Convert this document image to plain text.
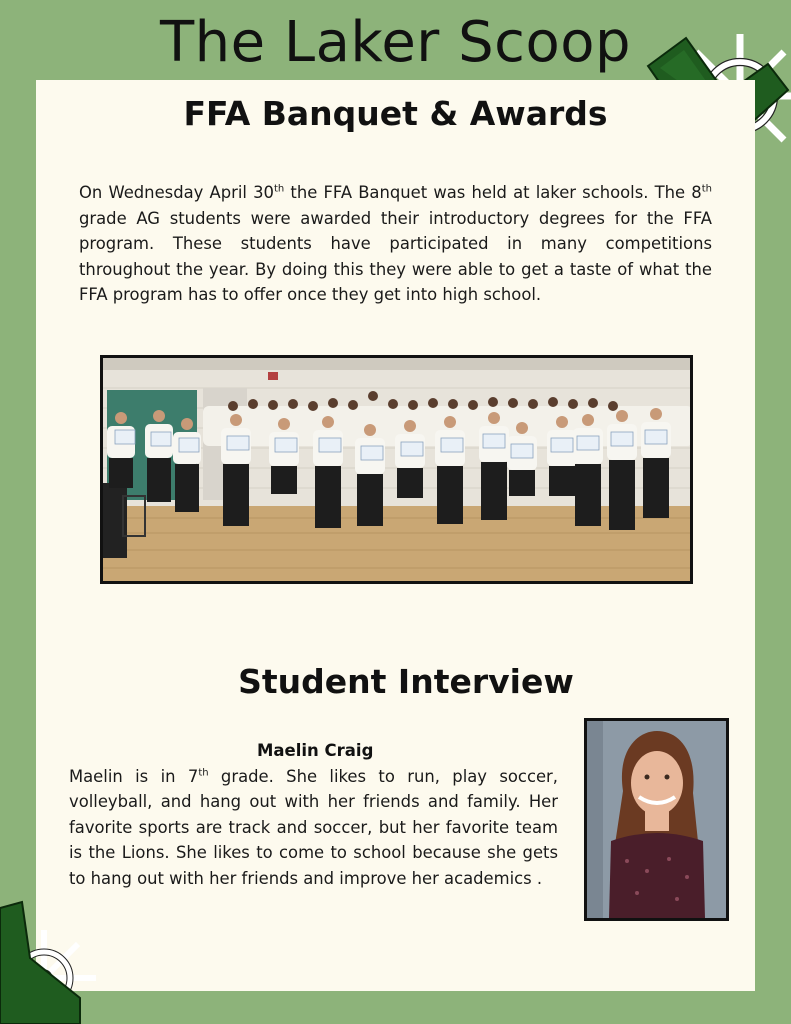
The Laker Scoop
FFA Banquet & Awards

On Wednesday April 30th the FFA Banquet was held at laker schools. The 8th grade AG students were awarded their introductory degrees for the FFA program. These students have participated in many competitions throughout the year. By doing this they were able to get a taste of what the FFA program has to offer once they get into high school.

Student Interview
Maelin Craig

Maelin is in 7th grade. She likes to run, play soccer, volleyball, and hang out with her friends and family. Her favorite sports are track and soccer, but her favorite team is the Lions. She likes to come to school because she gets to hang out with her friends and improve her academics .
